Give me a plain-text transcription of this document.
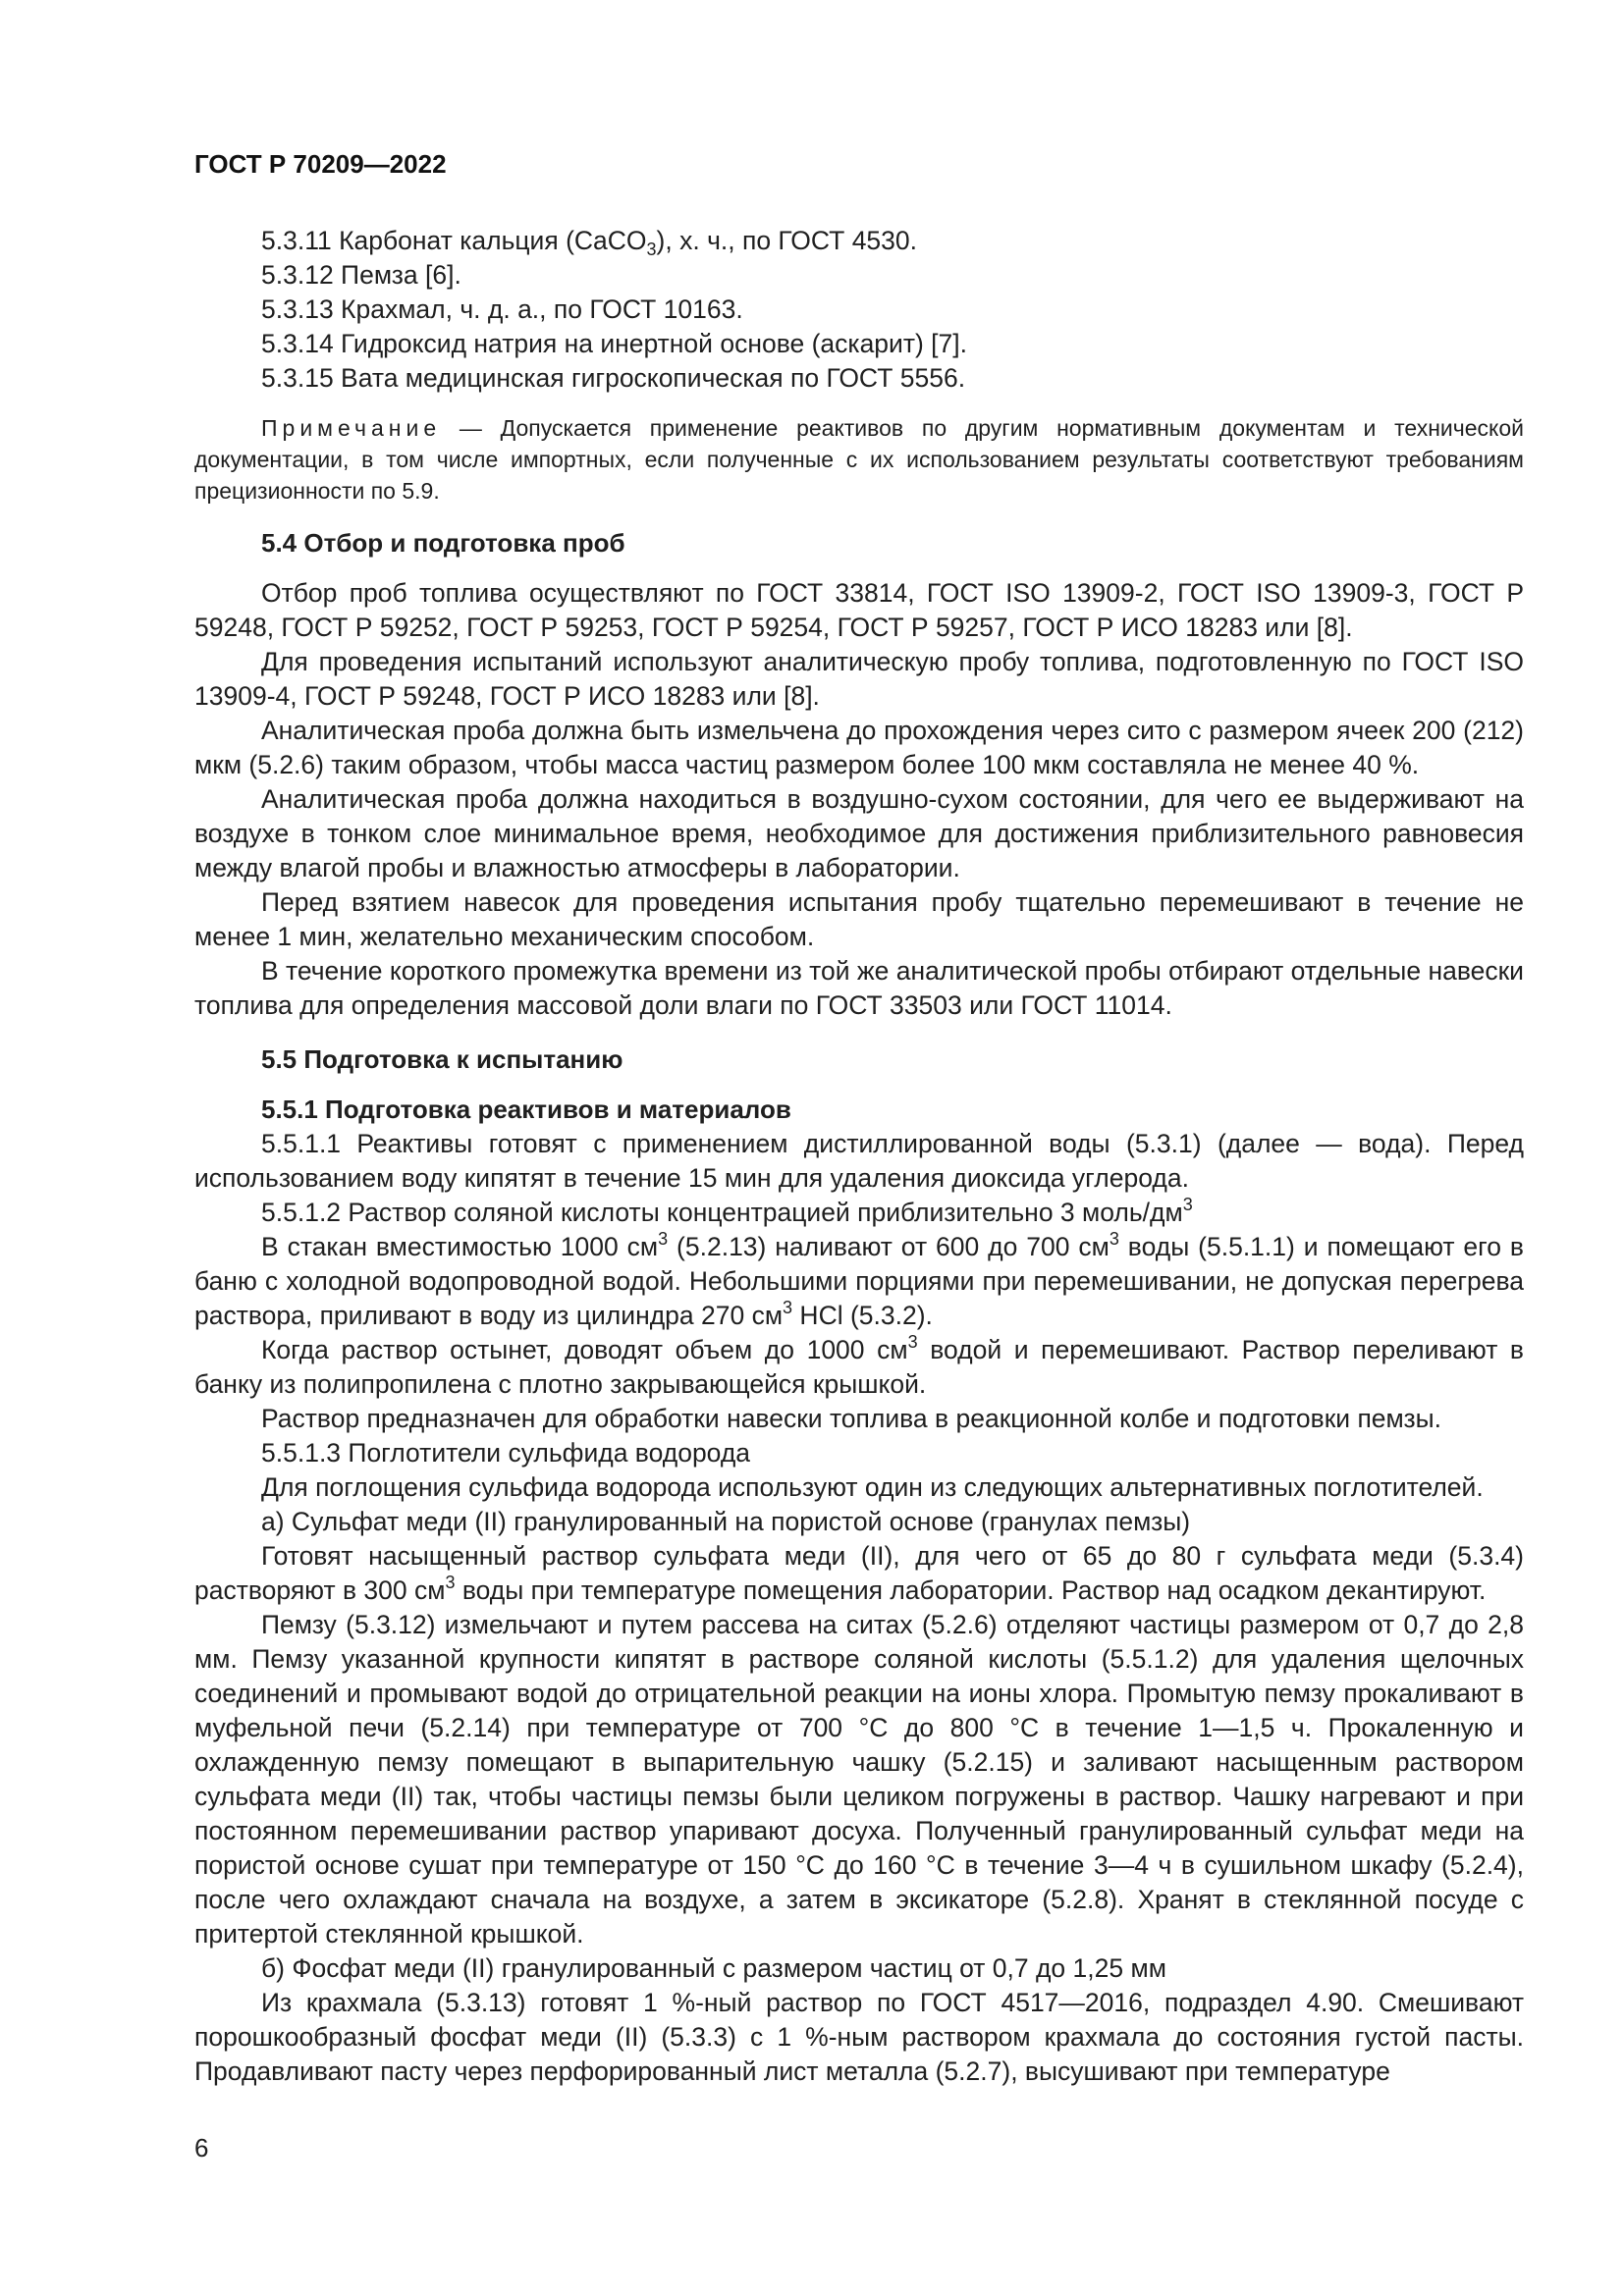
ГОСТ Р 70209—2022
5.3.11 Карбонат кальция (CaCO$_3$), х. ч., по ГОСТ 4530.
5.3.12 Пемза [6].
5.3.13 Крахмал, ч. д. а., по ГОСТ 10163.
5.3.14 Гидроксид натрия на инертной основе (аскарит) [7].
5.3.15 Вата медицинская гигроскопическая по ГОСТ 5556.

Примечание — Допускается применение реактивов по другим нормативным документам и технической документации, в том числе импортных, если полученные с их использованием результаты соответствуют требованиям прецизионности по 5.9.

5.4 Отбор и подготовка проб

Отбор проб топлива осуществляют по ГОСТ 33814, ГОСТ ISO 13909-2, ГОСТ ISO 13909-3, ГОСТ Р 59248, ГОСТ Р 59252, ГОСТ Р 59253, ГОСТ Р 59254, ГОСТ Р 59257, ГОСТ Р ИСО 18283 или [8].

Для проведения испытаний используют аналитическую пробу топлива, подготовленную по ГОСТ ISO 13909-4, ГОСТ Р 59248, ГОСТ Р ИСО 18283 или [8].

Аналитическая проба должна быть измельчена до прохождения через сито с размером ячеек 200 (212) мкм (5.2.6) таким образом, чтобы масса частиц размером более 100 мкм составляла не менее 40 %.

Аналитическая проба должна находиться в воздушно-сухом состоянии, для чего ее выдерживают на воздухе в тонком слое минимальное время, необходимое для достижения приблизительного равновесия между влагой пробы и влажностью атмосферы в лаборатории.

Перед взятием навесок для проведения испытания пробу тщательно перемешивают в течение не менее 1 мин, желательно механическим способом.

В течение короткого промежутка времени из той же аналитической пробы отбирают отдельные навески топлива для определения массовой доли влаги по ГОСТ 33503 или ГОСТ 11014.

5.5 Подготовка к испытанию
5.5.1 Подготовка реактивов и материалов

5.5.1.1 Реактивы готовят с применением дистиллированной воды (5.3.1) (далее — вода). Перед использованием воду кипятят в течение 15 мин для удаления диоксида углерода.

5.5.1.2 Раствор соляной кислоты концентрацией приблизительно 3 моль/$дм^3$

В стакан вместимостью 1000 $см^3$ (5.2.13) наливают от 600 до 700 $см^3$ воды (5.5.1.1) и помещают его в баню с холодной водопроводной водой. Небольшими порциями при перемешивании, не допуская перегрева раствора, приливают в воду из цилиндра 270 $см^3$ HCl (5.3.2).

Когда раствор остынет, доводят объем до 1000 $см^3$ водой и перемешивают. Раствор переливают в банку из полипропилена с плотно закрывающейся крышкой.

Раствор предназначен для обработки навески топлива в реакционной колбе и подготовки пемзы.

5.5.1.3 Поглотители сульфида водорода

Для поглощения сульфида водорода используют один из следующих альтернативных поглотителей.

а) Сульфат меди (II) гранулированный на пористой основе (гранулах пемзы)

Готовят насыщенный раствор сульфата меди (II), для чего от 65 до 80 г сульфата меди (5.3.4) растворяют в 300 $см^3$ воды при температуре помещения лаборатории. Раствор над осадком декантируют.

Пемзу (5.3.12) измельчают и путем рассева на ситах (5.2.6) отделяют частицы размером от 0,7 до 2,8 мм. Пемзу указанной крупности кипятят в растворе соляной кислоты (5.5.1.2) для удаления щелочных соединений и промывают водой до отрицательной реакции на ионы хлора. Промытую пемзу прокаливают в муфельной печи (5.2.14) при температуре от 700 °С до 800 °С в течение 1—1,5 ч. Прокаленную и охлажденную пемзу помещают в выпарительную чашку (5.2.15) и заливают насыщенным раствором сульфата меди (II) так, чтобы частицы пемзы были целиком погружены в раствор. Чашку нагревают и при постоянном перемешивании раствор упаривают досуха. Полученный гранулированный сульфат меди на пористой основе сушат при температуре от 150 °С до 160 °С в течение 3—4 ч в сушильном шкафу (5.2.4), после чего охлаждают сначала на воздухе, а затем в эксикаторе (5.2.8). Хранят в стеклянной посуде с притертой стеклянной крышкой.

б) Фосфат меди (II) гранулированный с размером частиц от 0,7 до 1,25 мм

Из крахмала (5.3.13) готовят 1 %-ный раствор по ГОСТ 4517—2016, подраздел 4.90. Смешивают порошкообразный фосфат меди (II) (5.3.3) с 1 %-ным раствором крахмала до состояния густой пасты. Продавливают пасту через перфорированный лист металла (5.2.7), высушивают при температуре

6
